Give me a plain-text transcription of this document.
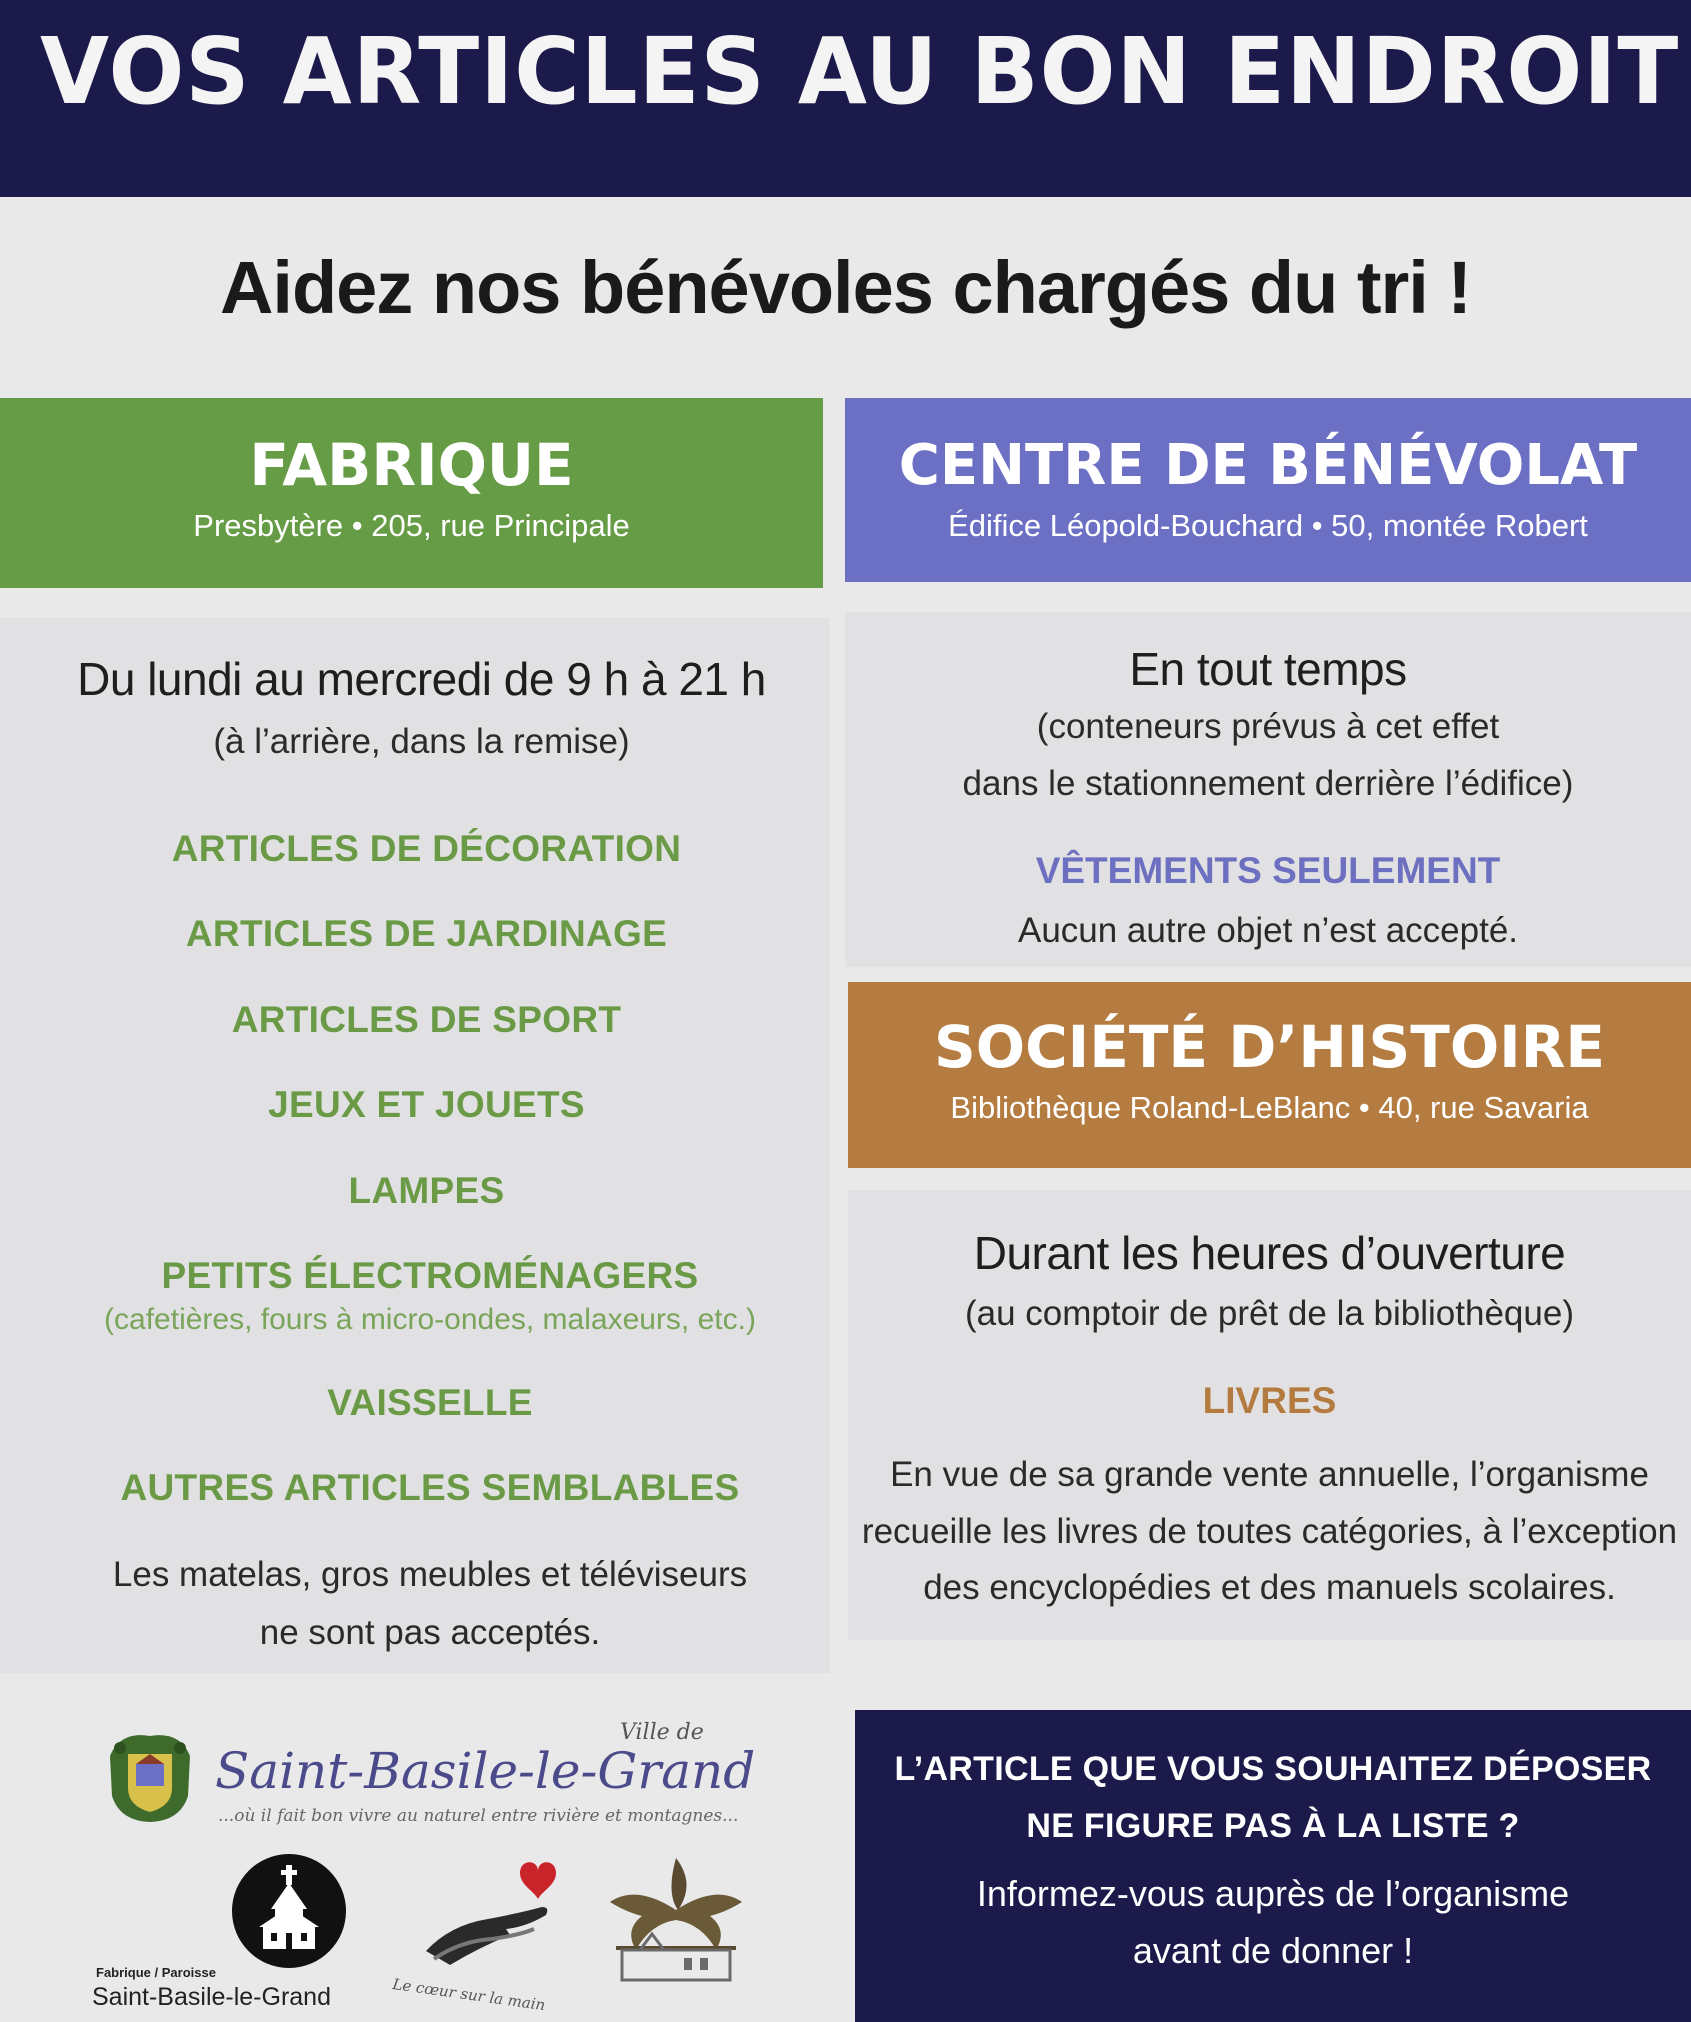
VOS ARTICLES AU BON ENDROIT
Aidez nos bénévoles chargés du tri !
FABRIQUE
Presbytère • 205, rue Principale
Du lundi au mercredi de 9 h à 21 h
(à l’arrière, dans la remise)
ARTICLES DE DÉCORATION
ARTICLES DE JARDINAGE
ARTICLES DE SPORT
JEUX ET JOUETS
LAMPES
PETITS ÉLECTROMÉNAGERS
(cafetières, fours à micro-ondes, malaxeurs, etc.)
VAISSELLE
AUTRES ARTICLES SEMBLABLES
Les matelas, gros meubles et téléviseurs
ne sont pas acceptés.
CENTRE DE BÉNÉVOLAT
Édifice Léopold-Bouchard • 50, montée Robert
En tout temps
(conteneurs prévus à cet effet
dans le stationnement derrière l’édifice)
VÊTEMENTS SEULEMENT
Aucun autre objet n’est accepté.
SOCIÉTÉ D’HISTOIRE
Bibliothèque Roland-LeBlanc • 40, rue Savaria
Durant les heures d’ouverture
(au comptoir de prêt de la bibliothèque)
LIVRES
En vue de sa grande vente annuelle, l’organisme
recueille les livres de toutes catégories, à l’exception
des encyclopédies et des manuels scolaires.
L’ARTICLE QUE VOUS SOUHAITEZ DÉPOSER
NE FIGURE PAS À LA LISTE ?
Informez-vous auprès de l’organisme
avant de donner !
Ville de
Saint-Basile-le-Grand
...où il fait bon vivre au naturel entre rivière et montagnes...
Fabrique / Paroisse
Saint-Basile-le-Grand	Le cœur sur la main
